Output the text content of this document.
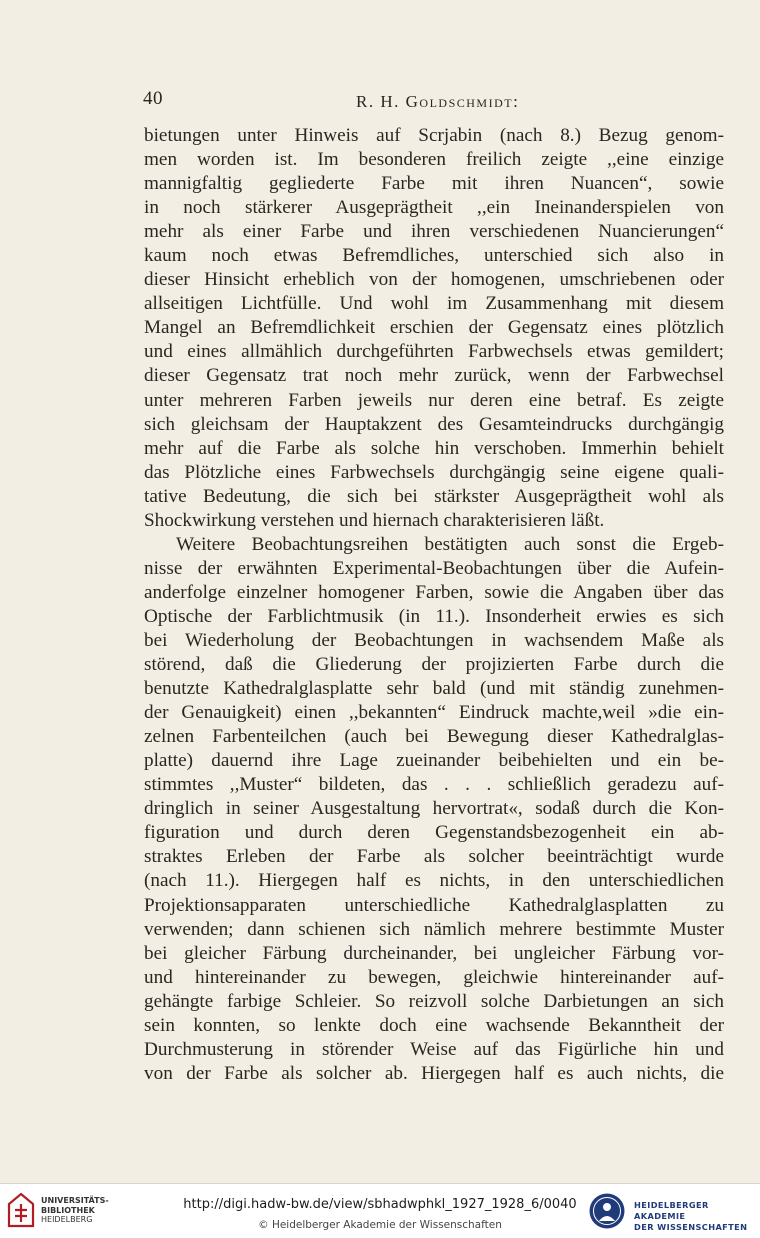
40	R. H. Goldschmidt:
bietungen unter Hinweis auf Scrjabin (nach 8.) Bezug genom-
men worden ist. Im besonderen freilich zeigte ,,eine einzige
mannigfaltig gegliederte Farbe mit ihren Nuancen“, sowie
in noch stärkerer Ausgeprägtheit ,,ein Ineinanderspielen von
mehr als einer Farbe und ihren verschiedenen Nuancierungen“
kaum noch etwas Befremdliches, unterschied sich also in
dieser Hinsicht erheblich von der homogenen, umschriebenen oder
allseitigen Lichtfülle. Und wohl im Zusammenhang mit diesem
Mangel an Befremdlichkeit erschien der Gegensatz eines plötzlich
und eines allmählich durchgeführten Farbwechsels etwas gemildert;
dieser Gegensatz trat noch mehr zurück, wenn der Farbwechsel
unter mehreren Farben jeweils nur deren eine betraf. Es zeigte
sich gleichsam der Hauptakzent des Gesamteindrucks durchgängig
mehr auf die Farbe als solche hin verschoben. Immerhin behielt
das Plötzliche eines Farbwechsels durchgängig seine eigene quali-
tative Bedeutung, die sich bei stärkster Ausgeprägtheit wohl als
Shockwirkung verstehen und hiernach charakterisieren läßt.
Weitere Beobachtungsreihen bestätigten auch sonst die Ergeb-
nisse der erwähnten Experimental-Beobachtungen über die Aufein-
anderfolge einzelner homogener Farben, sowie die Angaben über das
Optische der Farblichtmusik (in 11.). Insonderheit erwies es sich
bei Wiederholung der Beobachtungen in wachsendem Maße als
störend, daß die Gliederung der projizierten Farbe durch die
benutzte Kathedralglasplatte sehr bald (und mit ständig zunehmen-
der Genauigkeit) einen ,,bekannten“ Eindruck machte,weil »die ein-
zelnen Farbenteilchen (auch bei Bewegung dieser Kathedralglas-
platte) dauernd ihre Lage zueinander beibehielten und ein be-
stimmtes ,,Muster“ bildeten, das . . . schließlich geradezu auf-
dringlich in seiner Ausgestaltung hervortrat«, sodaß durch die Kon-
figuration und durch deren Gegenstandsbezogenheit ein ab-
straktes Erleben der Farbe als solcher beeinträchtigt wurde
(nach 11.). Hiergegen half es nichts, in den unterschiedlichen
Projektionsapparaten unterschiedliche Kathedralglasplatten zu
verwenden; dann schienen sich nämlich mehrere bestimmte Muster
bei gleicher Färbung durcheinander, bei ungleicher Färbung vor-
und hintereinander zu bewegen, gleichwie hintereinander auf-
gehängte farbige Schleier. So reizvoll solche Darbietungen an sich
sein konnten, so lenkte doch eine wachsende Bekanntheit der
Durchmusterung in störender Weise auf das Figürliche hin und
von der Farbe als solcher ab. Hiergegen half es auch nichts, die
UNIVERSITÄTS-
BIBLIOTHEK
HEIDELBERG
http://digi.hadw-bw.de/view/sbhadwphkl_1927_1928_6/0040
© Heidelberger Akademie der Wissenschaften
HEIDELBERGER AKADEMIE
DER WISSENSCHAFTEN
